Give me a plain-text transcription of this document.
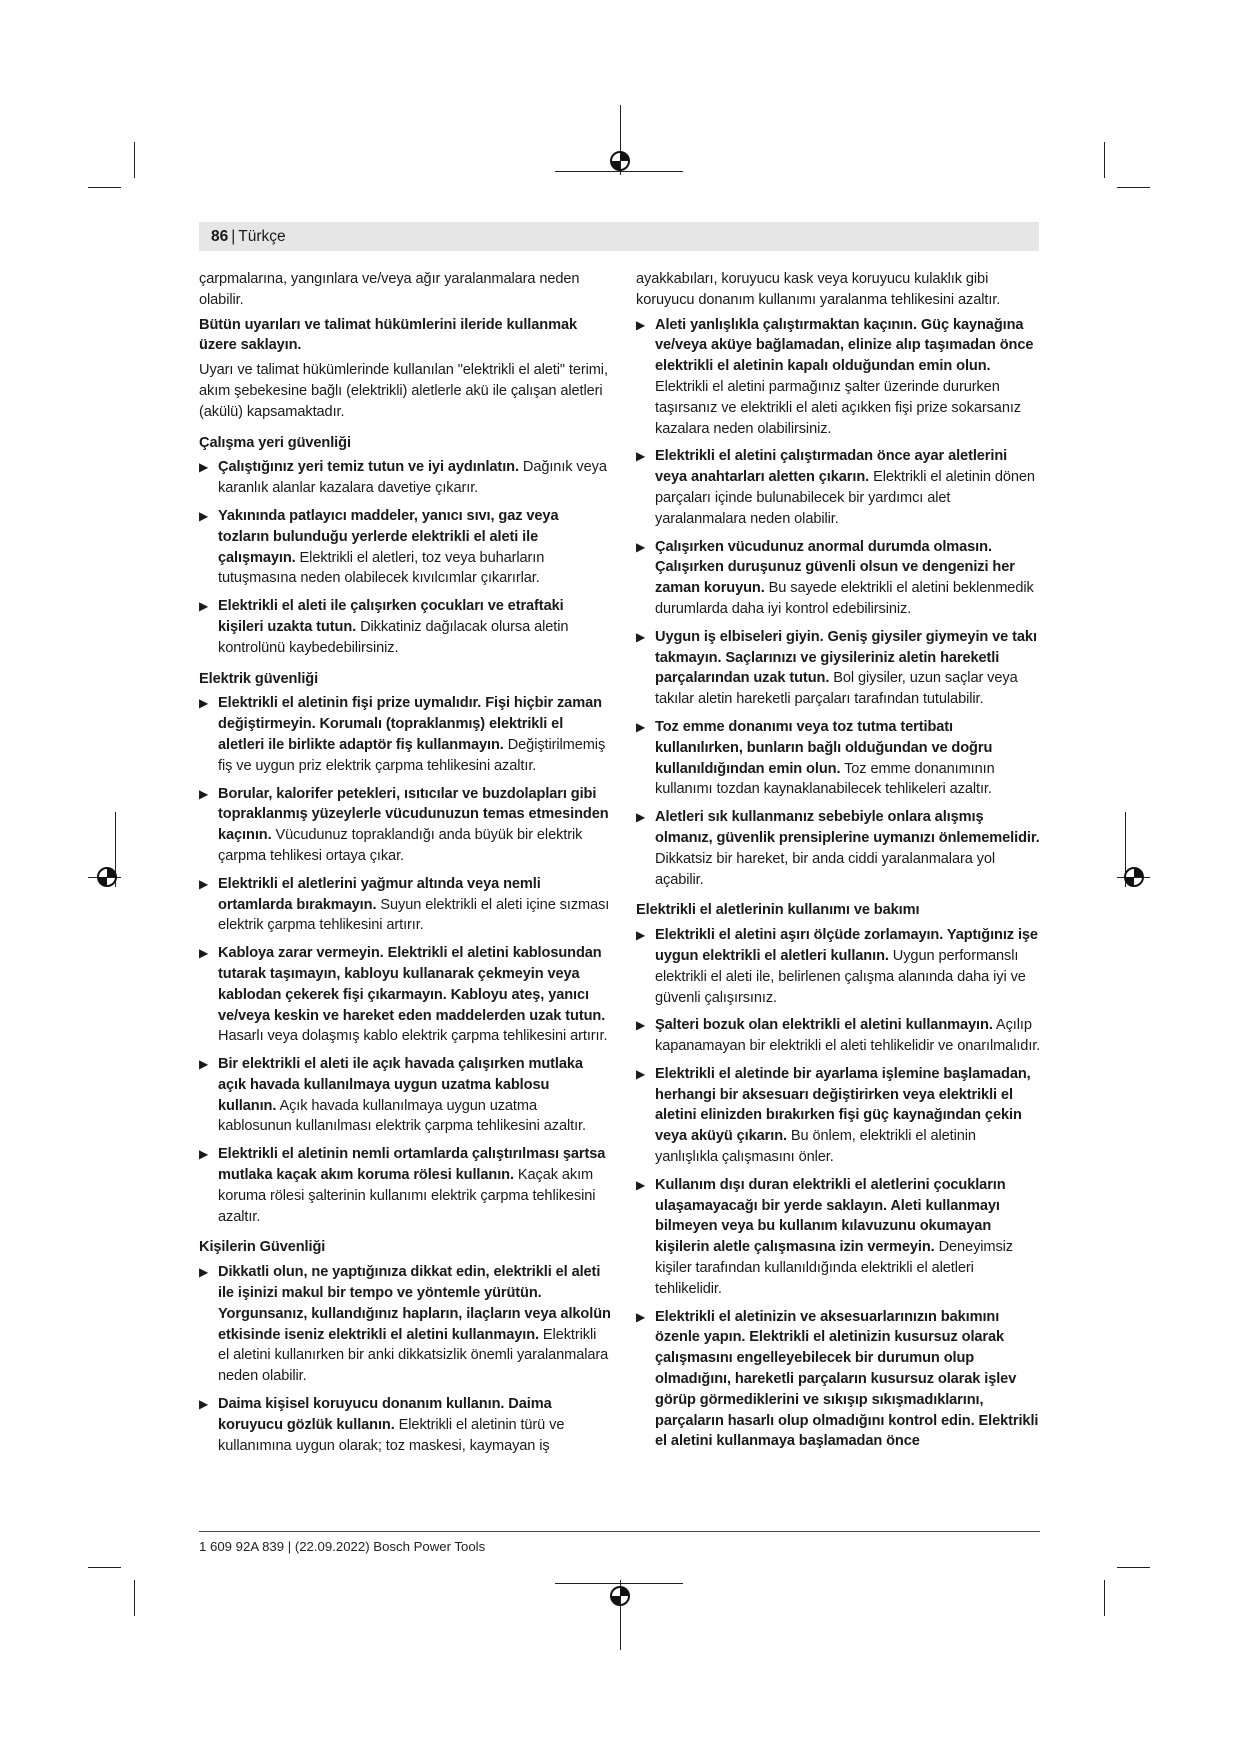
86 | Türkçe
çarpmalarına, yangınlara ve/veya ağır yaralanmalara neden olabilir.
Bütün uyarıları ve talimat hükümlerini ileride kullanmak üzere saklayın.
Uyarı ve talimat hükümlerinde kullanılan "elektrikli el aleti" terimi, akım şebekesine bağlı (elektrikli) aletlerle akü ile çalışan aletleri (akülü) kapsamaktadır.
Çalışma yeri güvenliği
▶ Çalıştığınız yeri temiz tutun ve iyi aydınlatın. Dağınık veya karanlık alanlar kazalara davetiye çıkarır.
▶ Yakınında patlayıcı maddeler, yanıcı sıvı, gaz veya tozların bulunduğu yerlerde elektrikli el aleti ile çalışmayın. Elektrikli el aletleri, toz veya buharların tutuşmasına neden olabilecek kıvılcımlar çıkarırlar.
▶ Elektrikli el aleti ile çalışırken çocukları ve etraftaki kişileri uzakta tutun. Dikkatiniz dağılacak olursa aletin kontrolünü kaybedebilirsiniz.
Elektrik güvenliği
▶ Elektrikli el aletinin fişi prize uymalıdır. Fişi hiçbir zaman değiştirmeyin. Korumalı (topraklanmış) elektrikli el aletleri ile birlikte adaptör fiş kullanmayın. Değiştirilmemiş fiş ve uygun priz elektrik çarpma tehlikesini azaltır.
▶ Borular, kalorifer petekleri, ısıtıcılar ve buzdolapları gibi topraklanmış yüzeylerle vücudunuzun temas etmesinden kaçının. Vücudunuz topraklandığı anda büyük bir elektrik çarpma tehlikesi ortaya çıkar.
▶ Elektrikli el aletlerini yağmur altında veya nemli ortamlarda bırakmayın. Suyun elektrikli el aleti içine sızması elektrik çarpma tehlikesini artırır.
▶ Kabloya zarar vermeyin. Elektrikli el aletini kablosundan tutarak taşımayın, kabloyu kullanarak çekmeyin veya kablodan çekerek fişi çıkarmayın. Kabloyu ateş, yanıcı ve/veya keskin ve hareket eden maddelerden uzak tutun. Hasarlı veya dolaşmış kablo elektrik çarpma tehlikesini artırır.
▶ Bir elektrikli el aleti ile açık havada çalışırken mutlaka açık havada kullanılmaya uygun uzatma kablosu kullanın. Açık havada kullanılmaya uygun uzatma kablosunun kullanılması elektrik çarpma tehlikesini azaltır.
▶ Elektrikli el aletinin nemli ortamlarda çalıştırılması şartsa mutlaka kaçak akım koruma rölesi kullanın. Kaçak akım koruma rölesi şalterinin kullanımı elektrik çarpma tehlikesini azaltır.
Kişilerin Güvenliği
▶ Dikkatli olun, ne yaptığınıza dikkat edin, elektrikli el aleti ile işinizi makul bir tempo ve yöntemle yürütün. Yorgunsanız, kullandığınız hapların, ilaçların veya alkolün etkisinde iseniz elektrikli el aletini kullanmayın. Elektrikli el aletini kullanırken bir anki dikkatsizlik önemli yaralanmalara neden olabilir.
▶ Daima kişisel koruyucu donanım kullanın. Daima koruyucu gözlük kullanın. Elektrikli el aletinin türü ve kullanımına uygun olarak; toz maskesi, kaymayan iş
ayakkabıları, koruyucu kask veya koruyucu kulaklık gibi koruyucu donanım kullanımı yaralanma tehlikesini azaltır.
▶ Aleti yanlışlıkla çalıştırmaktan kaçının. Güç kaynağına ve/veya aküye bağlamadan, elinize alıp taşımadan önce elektrikli el aletinin kapalı olduğundan emin olun. Elektrikli el aletini parmağınız şalter üzerinde dururken taşırsanız ve elektrikli el aleti açıkken fişi prize sokarsanız kazalara neden olabilirsiniz.
▶ Elektrikli el aletini çalıştırmadan önce ayar aletlerini veya anahtarları aletten çıkarın. Elektrikli el aletinin dönen parçaları içinde bulunabilecek bir yardımcı alet yaralanmalara neden olabilir.
▶ Çalışırken vücudunuz anormal durumda olmasın. Çalışırken duruşunuz güvenli olsun ve dengenizi her zaman koruyun. Bu sayede elektrikli el aletini beklenmedik durumlarda daha iyi kontrol edebilirsiniz.
▶ Uygun iş elbiseleri giyin. Geniş giysiler giymeyin ve takı takmayın. Saçlarınızı ve giysileriniz aletin hareketli parçalarından uzak tutun. Bol giysiler, uzun saçlar veya takılar aletin hareketli parçaları tarafından tutulabilir.
▶ Toz emme donanımı veya toz tutma tertibatı kullanılırken, bunların bağlı olduğundan ve doğru kullanıldığından emin olun. Toz emme donanımının kullanımı tozdan kaynaklanabilecek tehlikeleri azaltır.
▶ Aletleri sık kullanmanız sebebiyle onlara alışmış olmanız, güvenlik prensiplerine uymanızı önlememelidir. Dikkatsiz bir hareket, bir anda ciddi yaralanmalara yol açabilir.
Elektrikli el aletlerinin kullanımı ve bakımı
▶ Elektrikli el aletini aşırı ölçüde zorlamayın. Yaptığınız işe uygun elektrikli el aletleri kullanın. Uygun performanslı elektrikli el aleti ile, belirlenen çalışma alanında daha iyi ve güvenli çalışırsınız.
▶ Şalteri bozuk olan elektrikli el aletini kullanmayın. Açılıp kapanamayan bir elektrikli el aleti tehlikelidir ve onarılmalıdır.
▶ Elektrikli el aletinde bir ayarlama işlemine başlamadan, herhangi bir aksesuarı değiştirirken veya elektrikli el aletini elinizden bırakırken fişi güç kaynağından çekin veya aküyü çıkarın. Bu önlem, elektrikli el aletinin yanlışlıkla çalışmasını önler.
▶ Kullanım dışı duran elektrikli el aletlerini çocukların ulaşamayacağı bir yerde saklayın. Aleti kullanmayı bilmeyen veya bu kullanım kılavuzunu okumayan kişilerin aletle çalışmasına izin vermeyin. Deneyimsiz kişiler tarafından kullanıldığında elektrikli el aletleri tehlikelidir.
▶ Elektrikli el aletinizin ve aksesuarlarınızın bakımını özenle yapın. Elektrikli el aletinizin kusursuz olarak çalışmasını engelleyebilecek bir durumun olup olmadığını, hareketli parçaların kusursuz olarak işlev görüp görmediklerini ve sıkışıp sıkışmadıklarını, parçaların hasarlı olup olmadığını kontrol edin. Elektrikli el aletini kullanmaya başlamadan önce
1 609 92A 839 | (22.09.2022) Bosch Power Tools
